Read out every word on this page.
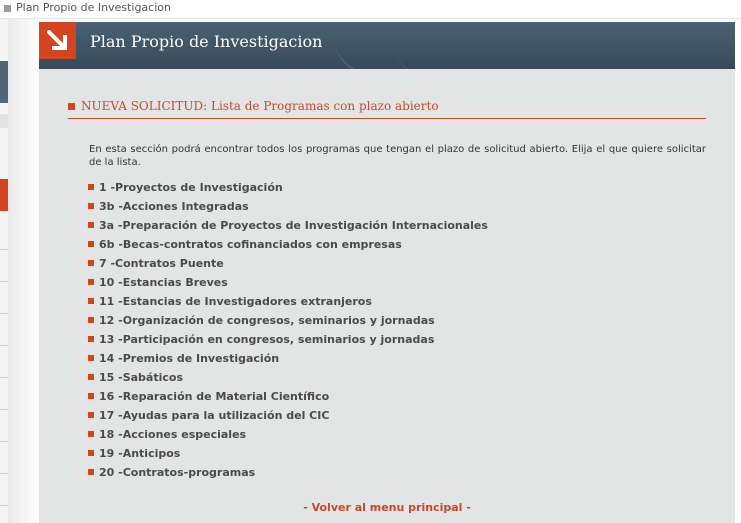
Plan Propio de Investigacion
Plan Propio de Investigacion
NUEVA SOLICITUD: Lista de Programas con plazo abierto
En esta sección podrá encontrar todos los programas que tengan el plazo de solicitud abierto. Elija el que quiere solicitar de la lista.
1 -Proyectos de Investigación
3b -Acciones Integradas
3a -Preparación de Proyectos de Investigación Internacionales
6b -Becas-contratos cofinanciados con empresas
7 -Contratos Puente
10 -Estancias Breves
11 -Estancias de Investigadores extranjeros
12 -Organización de congresos, seminarios y jornadas
13 -Participación en congresos, seminarios y jornadas
14 -Premios de Investigación
15 -Sabáticos
16 -Reparación de Material Científico
17 -Ayudas para la utilización del CIC
18 -Acciones especiales
19 -Anticipos
20 -Contratos-programas
- Volver al menu principal -
